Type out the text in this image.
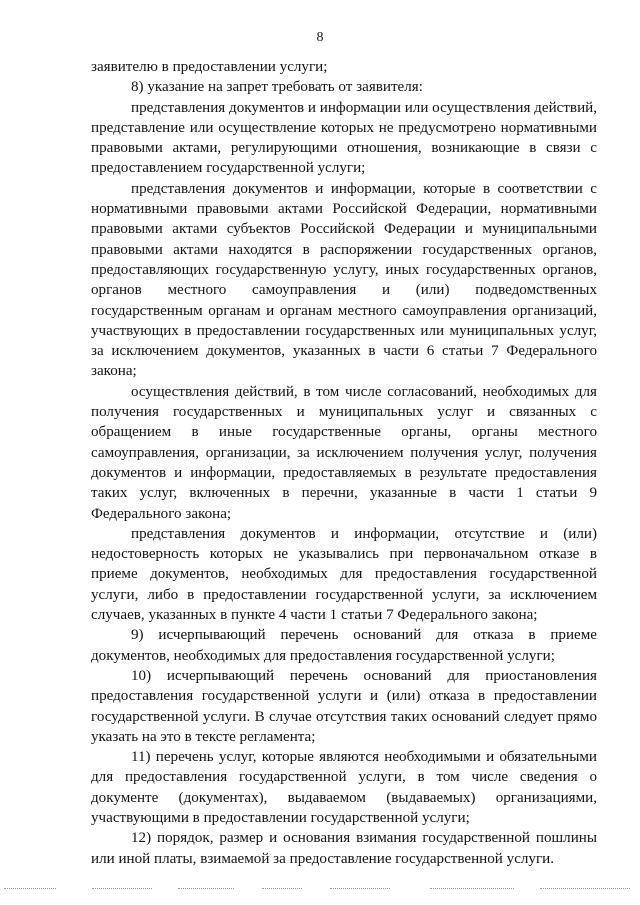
8

заявителю в предоставлении услуги;

8) указание на запрет требовать от заявителя:

представления документов и информации или осуществления действий, представление или осуществление которых не предусмотрено нормативными правовыми актами, регулирующими отношения, возникающие в связи с предоставлением государственной услуги;

представления документов и информации, которые в соответствии с нормативными правовыми актами Российской Федерации, нормативными правовыми актами субъектов Российской Федерации и муниципальными правовыми актами находятся в распоряжении государственных органов, предоставляющих государственную услугу, иных государственных органов, органов местного самоуправления и (или) подведомственных государственным органам и органам местного самоуправления организаций, участвующих в предоставлении государственных или муниципальных услуг, за исключением документов, указанных в части 6 статьи 7 Федерального закона;

осуществления действий, в том числе согласований, необходимых для получения государственных и муниципальных услуг и связанных с обращением в иные государственные органы, органы местного самоуправления, организации, за исключением получения услуг, получения документов и информации, предоставляемых в результате предоставления таких услуг, включенных в перечни, указанные в части 1 статьи 9 Федерального закона;

представления документов и информации, отсутствие и (или) недостоверность которых не указывались при первоначальном отказе в приеме документов, необходимых для предоставления государственной услуги, либо в предоставлении государственной услуги, за исключением случаев, указанных в пункте 4 части 1 статьи 7 Федерального закона;

9) исчерпывающий перечень оснований для отказа в приеме документов, необходимых для предоставления государственной услуги;

10) исчерпывающий перечень оснований для приостановления предоставления государственной услуги и (или) отказа в предоставлении государственной услуги. В случае отсутствия таких оснований следует прямо указать на это в тексте регламента;

11) перечень услуг, которые являются необходимыми и обязательными для предоставления государственной услуги, в том числе сведения о документе (документах), выдаваемом (выдаваемых) организациями, участвующими в предоставлении государственной услуги;

12) порядок, размер и основания взимания государственной пошлины или иной платы, взимаемой за предоставление государственной услуги.
